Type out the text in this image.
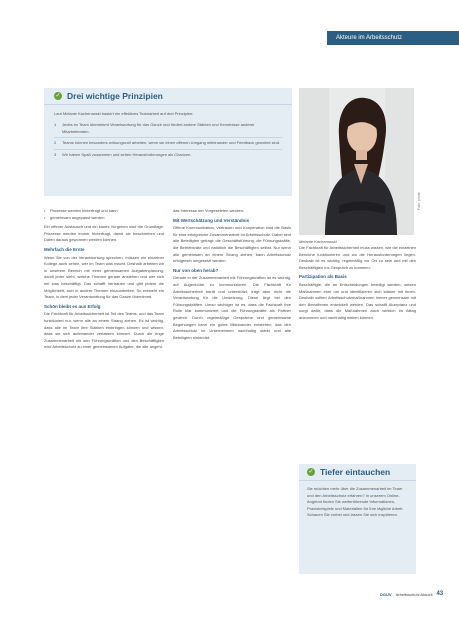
Akteure im Arbeitsschutz
✓ Drei wichtige Prinzipien

Laut Melanie Kacherowski basiert ein effektives Teamarbeit auf drei Prinzipien:

1	Jedes im Team übernimmt Verantwortung für das Ganze und fördert andere Stärken und Kenntnisse anderer Mitarbeitenden.
2	Teams können besonders wirkungsvoll arbeiten, wenn sie einen offenen Umgang miteinander und Feedback gewohnt sind.
3	Wir haben Spaß zusammen und sehen Herausforderungen als Chancen.
Foto: privat
Melanie Kacherowski
• Prozesse werden hinterfragt und kann
• gemeinsam angepasst werden

Ein offener Austausch und ein klares Vorgehen sind die Grundlage. Prozesse werden immer hinterfragt, damit sie beschrieben und Daten daraus gewonnen werden können.

Mehrfach die Ernte

Wenn Sie von der Verantwortung sprechen, müssen ein einzelner Kollege auch sehen, wer im Team was macht. Deshalb arbeiten wir in unserem Bereich mit einer gemeinsamen Aufgabenplanung, damit jeder sieht, welche Themen gerade anstehen und wer sich mit was beschäftigt. Das schafft Vertrauen und gibt jedem die Möglichkeit, sich in andere Themen einzuarbeiten. So entsteht ein Team, in dem jeder Verantwortung für das Ganze übernimmt.

Schön bleibt es aus Erfolg

Die Fachkraft für Arbeitssicherheit ist Teil des Teams, und das Team funktioniert nur, wenn alle an einem Strang ziehen. Es ist wichtig, dass alle im Team ihre Stärken einbringen können und wissen, dass sie sich aufeinander verlassen können. Durch die enge Zusammenarbeit mit den Führungskräften und den Beschäftigten wird Arbeitsschutz zu einer gemeinsamen Aufgabe, die alle angeht.

das Interesse der Vorgesetzten wecken.

Mit Wertschätzung und Verständnis

Offene Kommunikation, Vertrauen und Kooperation sind die Basis für eine erfolgreiche Zusammenarbeit im Arbeitsschutz. Dabei sind alle Beteiligten gefragt: die Geschäftsführung, die Führungskräfte, die Betriebsräte und natürlich die Beschäftigten selbst. Nur wenn alle gemeinsam an einem Strang ziehen, kann Arbeitsschutz erfolgreich umgesetzt werden.

Nur von oben herab?

Gerade in der Zusammenarbeit mit Führungskräften ist es wichtig, auf Augenhöhe zu kommunizieren. Die Fachkraft für Arbeitssicherheit berät und unterstützt, trägt aber nicht die Verantwortung für die Umsetzung. Diese liegt bei den Führungskräften. Umso wichtiger ist es, dass die Fachkraft ihre Rolle klar kommuniziert und die Führungskräfte als Partner gewinnt. Durch regelmäßige Gespräche und gemeinsame Begehungen kann ein gutes Miteinander entstehen, das den Arbeitsschutz im Unternehmen nachhaltig stärkt und alle Beteiligten einbindet.

Die Fachkraft für Arbeitssicherheit muss wissen, wie die einzelnen Bereiche funktionieren und wo die Herausforderungen liegen. Deshalb ist es wichtig, regelmäßig vor Ort zu sein und mit den Beschäftigten ins Gespräch zu kommen.

Partizipation als Basis

Beschäftigte, die an Entscheidungen beteiligt werden, setzen Maßnahmen eher um und identifizieren sich stärker mit ihnen. Deshalb sollten Arbeitsschutzmaßnahmen immer gemeinsam mit den Betroffenen entwickelt werden. Das schafft Akzeptanz und sorgt dafür, dass die Maßnahmen auch wirklich im Alltag ankommen und nachhaltig wirken können.

✓ Tiefer eintauchen

Sie möchten mehr über die Zusammenarbeit im Team und den Arbeitsschutz erfahren? In unserem Online-Angebot finden Sie weiterführende Informationen, Praxisbeispiele und Materialien für Ihre tägliche Arbeit. Schauen Sie vorbei und lassen Sie sich inspirieren.

DGUV Arbeitsschutz Aktuell 43
